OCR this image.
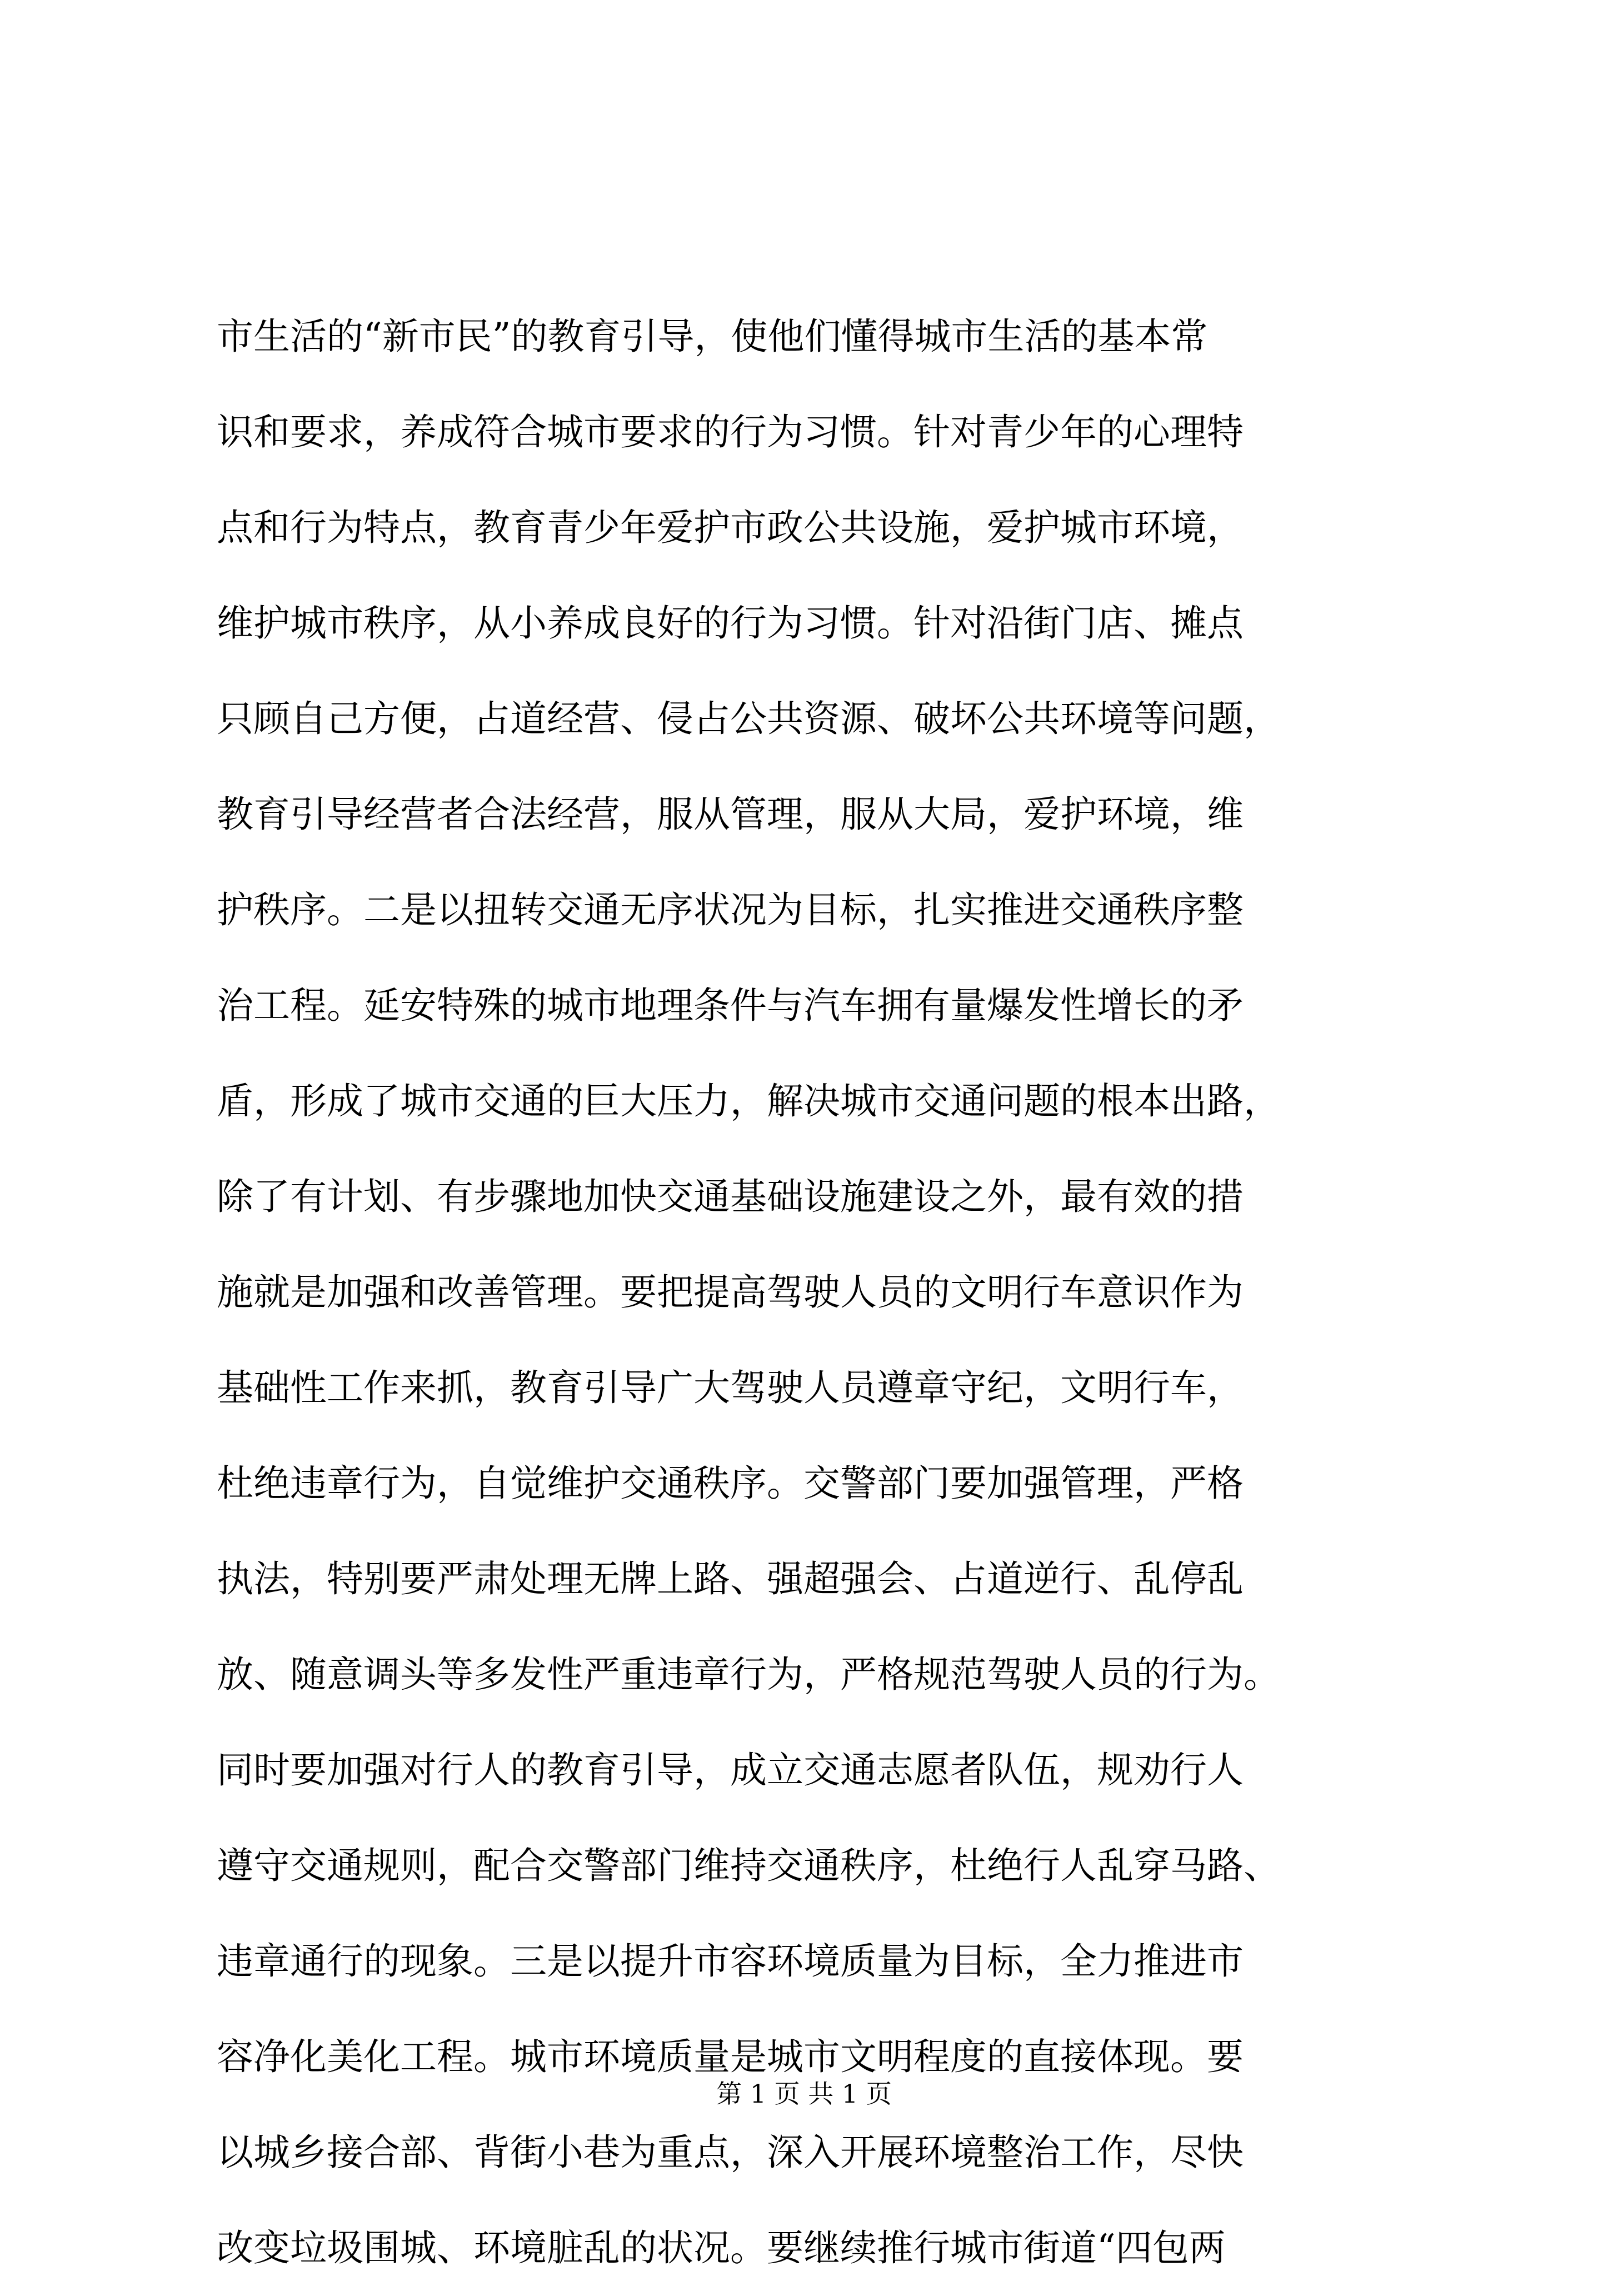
市生活的“新市民”的教育引导，使他们懂得城市生活的基本常
识和要求，养成符合城市要求的行为习惯。针对青少年的心理特
点和行为特点，教育青少年爱护市政公共设施，爱护城市环境，
维护城市秩序，从小养成良好的行为习惯。针对沿街门店、摊点
只顾自己方便，占道经营、侵占公共资源、破坏公共环境等问题，
教育引导经营者合法经营，服从管理，服从大局，爱护环境，维
护秩序。二是以扭转交通无序状况为目标，扎实推进交通秩序整
治工程。延安特殊的城市地理条件与汽车拥有量爆发性增长的矛
盾，形成了城市交通的巨大压力，解决城市交通问题的根本出路，
除了有计划、有步骤地加快交通基础设施建设之外，最有效的措
施就是加强和改善管理。要把提高驾驶人员的文明行车意识作为
基础性工作来抓，教育引导广大驾驶人员遵章守纪，文明行车，
杜绝违章行为，自觉维护交通秩序。交警部门要加强管理，严格
执法，特别要严肃处理无牌上路、强超强会、占道逆行、乱停乱
放、随意调头等多发性严重违章行为，严格规范驾驶人员的行为。
同时要加强对行人的教育引导，成立交通志愿者队伍，规劝行人
遵守交通规则，配合交警部门维持交通秩序，杜绝行人乱穿马路、
违章通行的现象。三是以提升市容环境质量为目标，全力推进市
容净化美化工程。城市环境质量是城市文明程度的直接体现。要
以城乡接合部、背街小巷为重点，深入开展环境整治工作，尽快
改变垃圾围城、环境脏乱的状况。要继续推行城市街道“四包两
第 1 页 共 1 页
